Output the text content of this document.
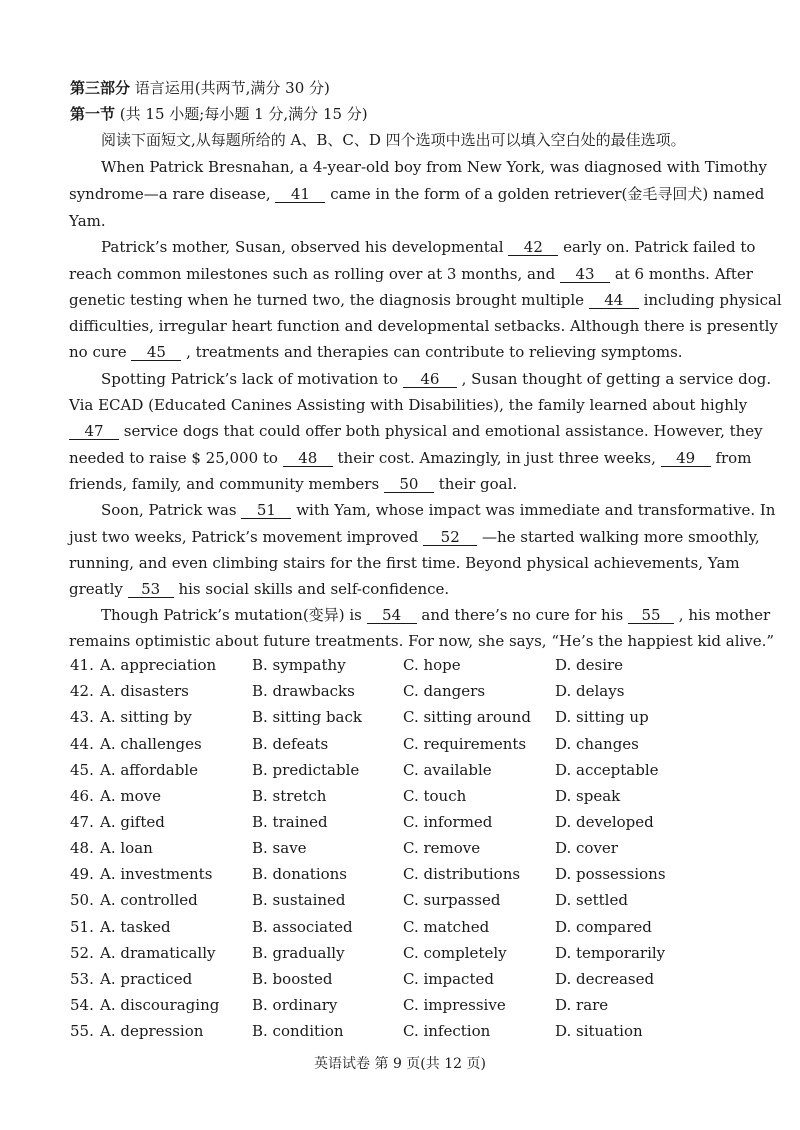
第三部分 语言运用(共两节,满分 30 分)
第一节 (共 15 小题;每小题 1 分,满分 15 分)
阅读下面短文,从每题所给的 A、B、C、D 四个选项中选出可以填入空白处的最佳选项。
When Patrick Bresnahan, a 4-year-old boy from New York, was diagnosed with Timothy
syndrome—a rare disease, 41 came in the form of a golden retriever(金毛寻回犬) named
Yam.
Patrick’s mother, Susan, observed his developmental 42 early on. Patrick failed to
reach common milestones such as rolling over at 3 months, and 43 at 6 months. After
genetic testing when he turned two, the diagnosis brought multiple 44 including physical
difficulties, irregular heart function and developmental setbacks. Although there is presently
no cure 45 , treatments and therapies can contribute to relieving symptoms.
Spotting Patrick’s lack of motivation to 46 , Susan thought of getting a service dog.
Via ECAD (Educated Canines Assisting with Disabilities), the family learned about highly
47 service dogs that could offer both physical and emotional assistance. However, they
needed to raise $ 25,000 to 48 their cost. Amazingly, in just three weeks, 49 from
friends, family, and community members 50 their goal.
Soon, Patrick was 51 with Yam, whose impact was immediate and transformative. In
just two weeks, Patrick’s movement improved 52 —he started walking more smoothly,
running, and even climbing stairs for the first time. Beyond physical achievements, Yam
greatly 53 his social skills and self-confidence.
Though Patrick’s mutation(变异) is 54 and there’s no cure for his 55 , his mother
remains optimistic about future treatments. For now, she says, “He’s the happiest kid alive.”
41. A. appreciation B. sympathy	C. hope	D. desire
42. A. disasters	B. drawbacks	C. dangers	D. delays
43. A. sitting by	B. sitting back	C. sitting around D. sitting up
44. A. challenges	B. defeats	C. requirements D. changes
45. A. affordable	B. predictable	C. available	D. acceptable
46. A. move	B. stretch	C. touch	D. speak
47. A. gifted	B. trained	C. informed	D. developed
48. A. loan	B. save	C. remove	D. cover
49. A. investments	B. donations	C. distributions D. possessions
50. A. controlled	B. sustained	C. surpassed	D. settled
51. A. tasked	B. associated	C. matched	D. compared
52. A. dramatically B. gradually	C. completely	D. temporarily
53. A. practiced	B. boosted	C. impacted	D. decreased
54. A. discouraging B. ordinary	C. impressive	D. rare
55. A. depression	B. condition	C. infection	D. situation
英语试卷 第 9 页(共 12 页)
